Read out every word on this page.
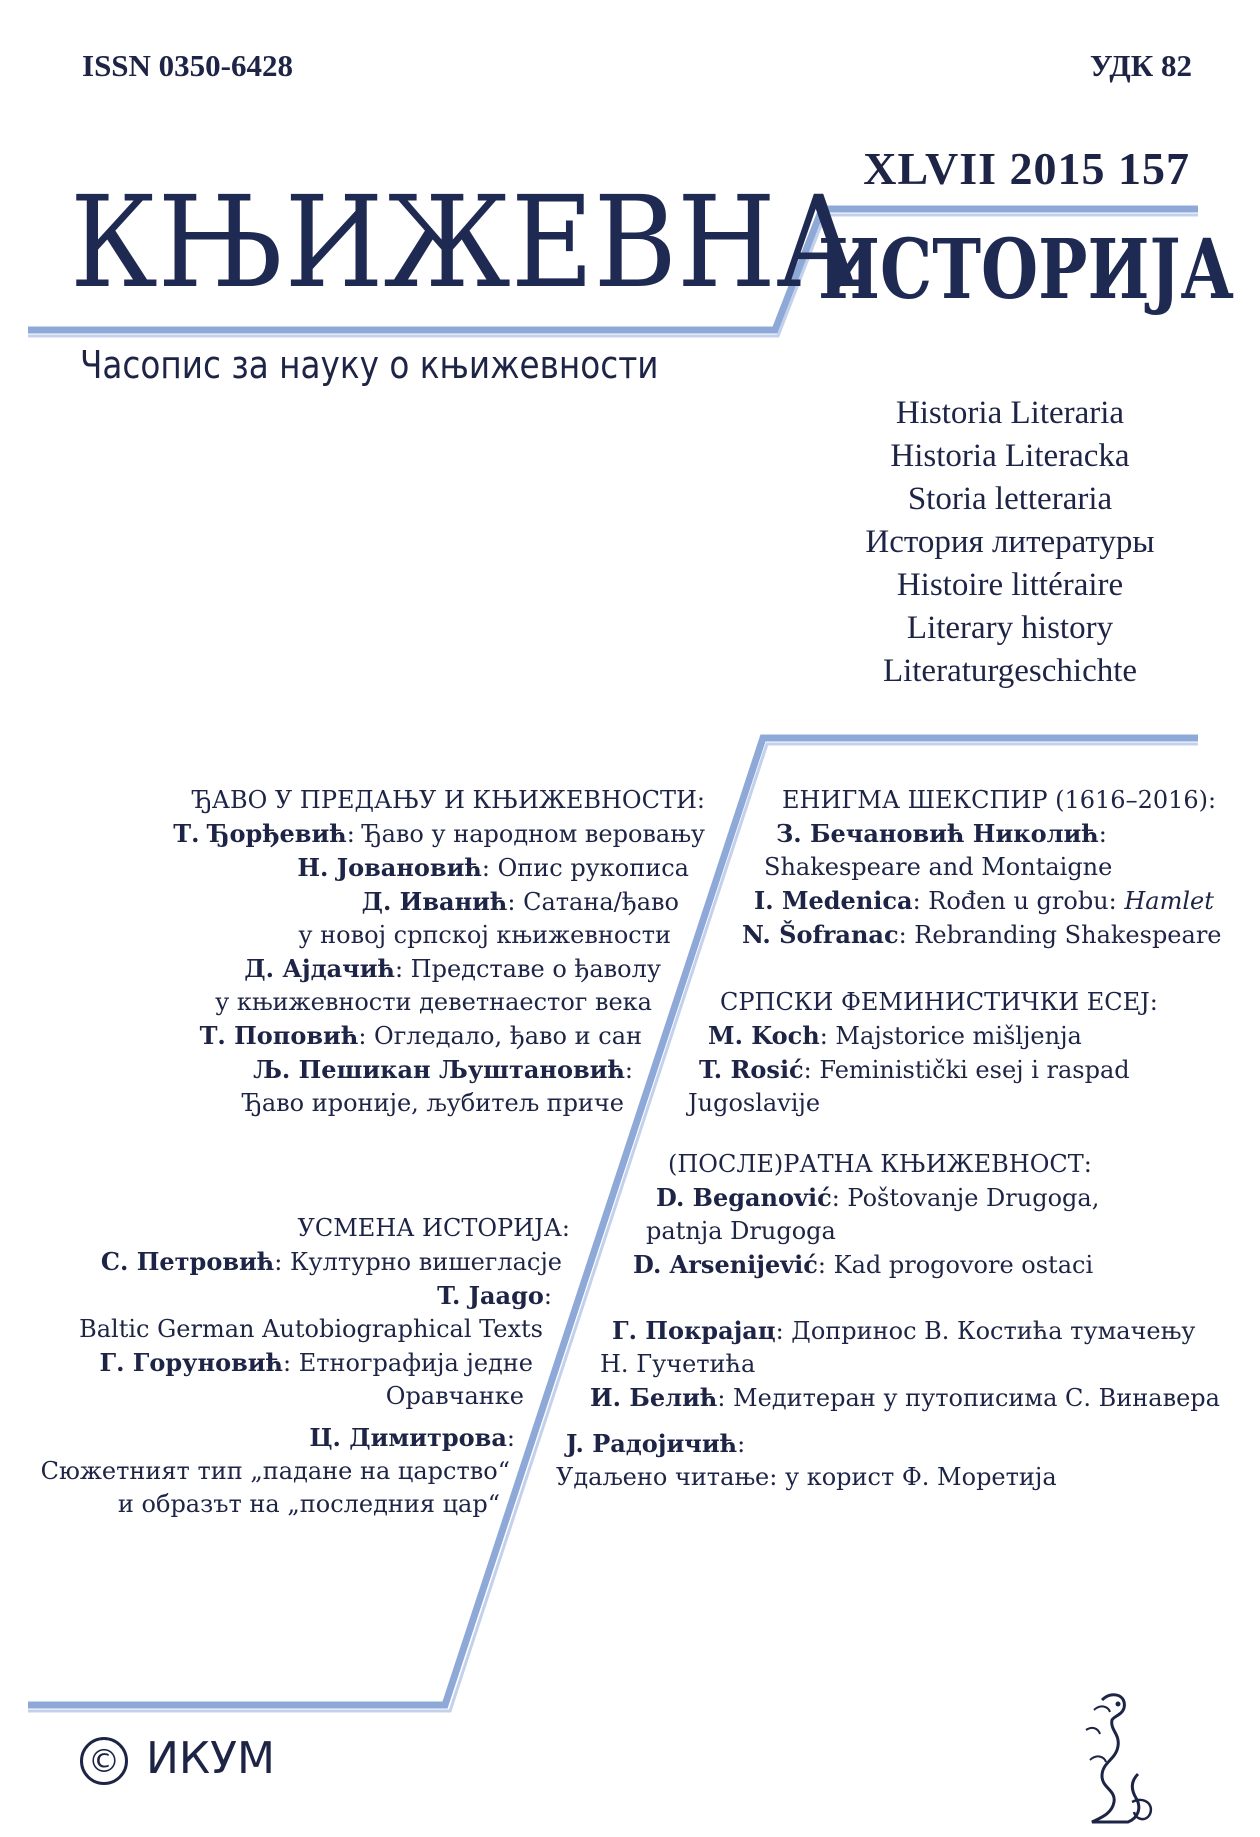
ISSN 0350-6428	УДК 82
XLVII 2015 157
КЊИЖЕВНА
ИСТОРИЈА
Часопис за науку о књижевности
Historia Literaria
Historia Literacka
Storia letteraria
История литературы
Histoire littéraire
Literary history
Literaturgeschichte
ЂАВО У ПРЕДАЊУ И КЊИЖЕВНОСТИ:
Т. Ђорђевић: Ђаво у народном веровању
Н. Јовановић: Опис рукописа
Д. Иванић: Сатана/ђаво
у новој српској књижевности
Д. Ајдачић: Представе о ђаволу
у књижевности деветнаестог века
Т. Поповић: Огледало, ђаво и сан
Љ. Пешикан Љуштановић:
Ђаво ироније, љубитељ приче
УСМЕНА ИСТОРИЈА:
С. Петровић: Културно вишегласје
T. Jaago:
Baltic German Autobiographical Texts
Г. Горуновић: Етнографија једне
Оравчанке
Ц. Димитрова:
Сюжетният тип „падане на царство“
и образът на „последния цар“
ЕНИГМА ШЕКСПИР (1616–2016):
З. Бечановић Николић:
Shakespeare and Montaigne
I. Medenica: Rođen u grobu: Hamlet
N. Šofranac: Rebranding Shakespeare
СРПСКИ ФЕМИНИСТИЧКИ ЕСЕЈ:
M. Koch: Majstorice mišljenja
T. Rosić: Feministički esej i raspad
Jugoslavije
(ПОСЛЕ)РАТНА КЊИЖЕВНОСТ:
D. Beganović: Poštovanje Drugoga,
patnja Drugoga
D. Arsenijević: Kad progovore ostaci
Г. Покрајац: Допринос В. Костића тумачењу
Н. Гучетића
И. Белић: Медитеран у путописима С. Винавера
J. Радојичић:
Удаљено читање: у корист Ф. Моретија
© ИКУМ
